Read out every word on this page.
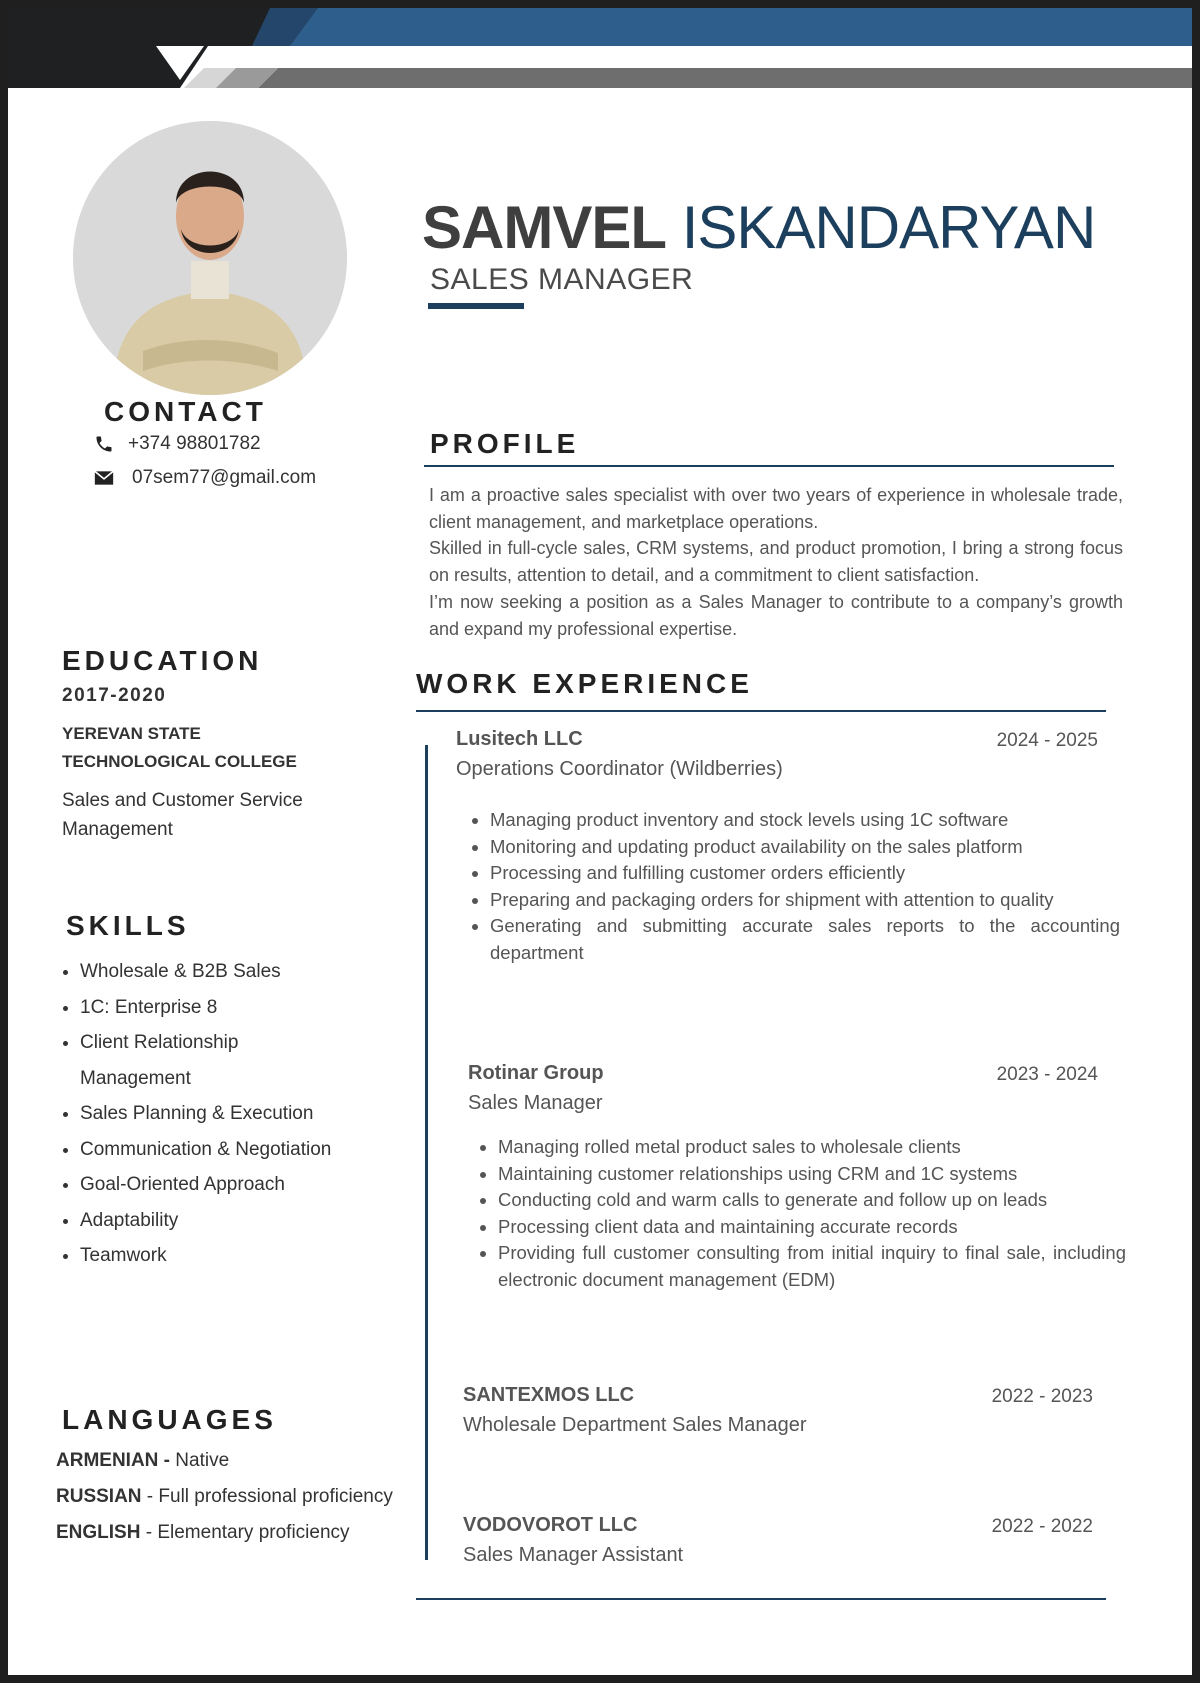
SAMVEL ISKANDARYAN
SALES MANAGER
CONTACT
+374 98801782
07sem77@gmail.com
EDUCATION
2017-2020
YEREVAN STATE
TECHNOLOGICAL COLLEGE
Sales and Customer Service
Management
SKILLS
• Wholesale & B2B Sales
• 1C: Enterprise 8
• Client Relationship Management
• Sales Planning & Execution
• Communication & Negotiation
• Goal-Oriented Approach
• Adaptability
• Teamwork
LANGUAGES
ARMENIAN - Native
RUSSIAN - Full professional proficiency
ENGLISH - Elementary proficiency
PROFILE

I am a proactive sales specialist with over two years of experience in wholesale trade, client management, and marketplace operations.

Skilled in full-cycle sales, CRM systems, and product promotion, I bring a strong focus on results, attention to detail, and a commitment to client satisfaction.

I’m now seeking a position as a Sales Manager to contribute to a company’s growth and expand my professional expertise.

WORK EXPERIENCE
Lusitech LLC	2024 - 2025
Operations Coordinator (Wildberries)
• Managing product inventory and stock levels using 1C software
• Monitoring and updating product availability on the sales platform
• Processing and fulfilling customer orders efficiently
• Preparing and packaging orders for shipment with attention to quality
• Generating and submitting accurate sales reports to the accounting department
Rotinar Group	2023 - 2024
Sales Manager
• Managing rolled metal product sales to wholesale clients
• Maintaining customer relationships using CRM and 1C systems
• Conducting cold and warm calls to generate and follow up on leads
• Processing client data and maintaining accurate records
• Providing full customer consulting from initial inquiry to final sale, including electronic document management (EDM)
SANTEXMOS LLC	2022 - 2023
Wholesale Department Sales Manager
VODOVOROT LLC	2022 - 2022
Sales Manager Assistant
